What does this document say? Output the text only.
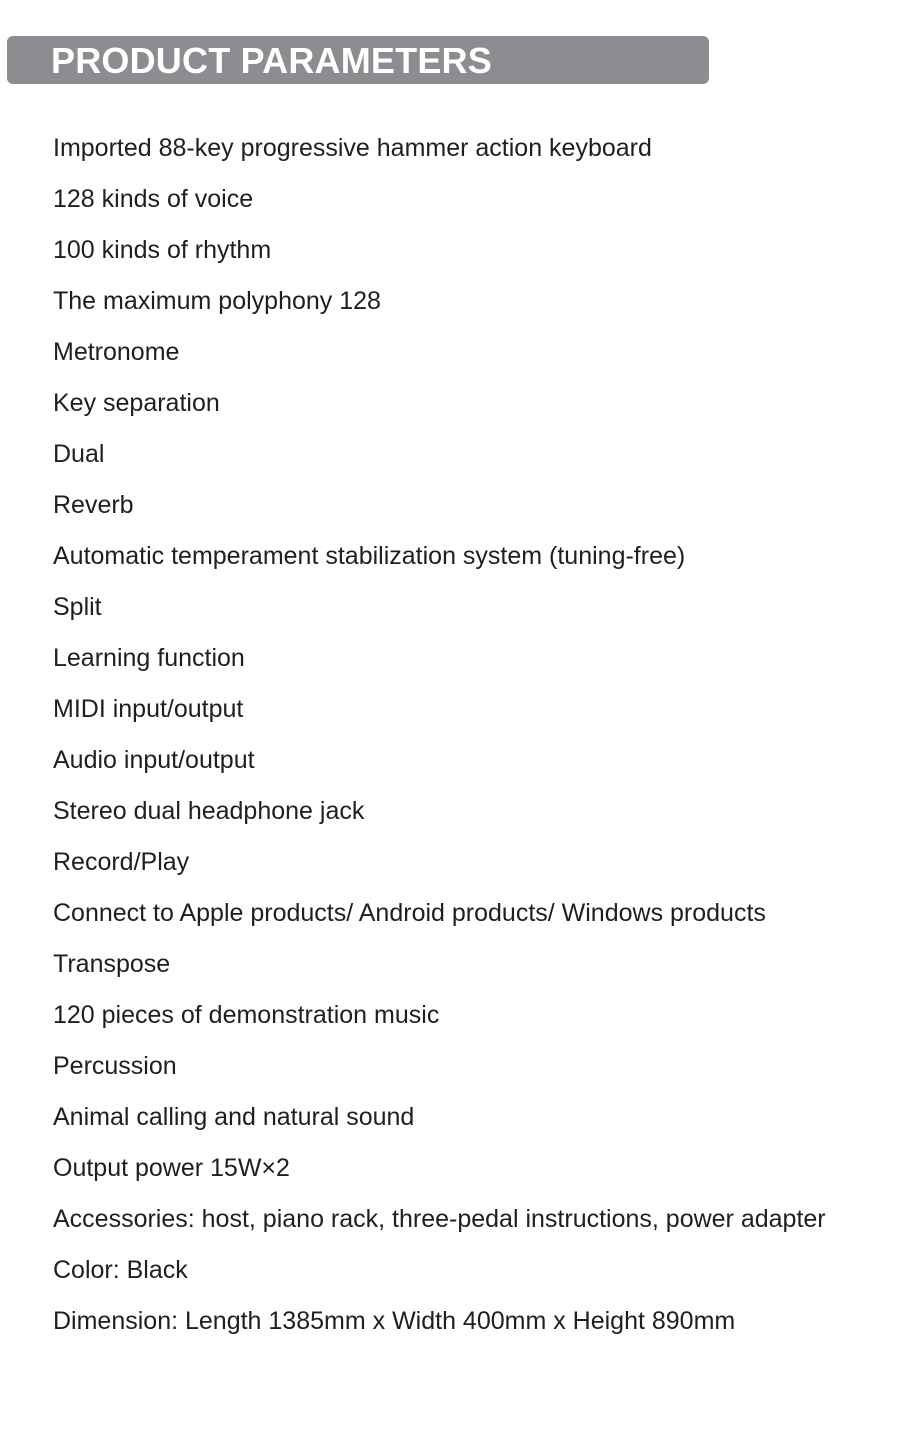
PRODUCT PARAMETERS
Imported 88-key progressive hammer action keyboard
128 kinds of voice
100 kinds of rhythm
The maximum polyphony 128
Metronome
Key separation
Dual
Reverb
Automatic temperament stabilization system (tuning-free)
Split
Learning function
MIDI input/output
Audio input/output
Stereo dual headphone jack
Record/Play
Connect to Apple products/ Android products/ Windows products
Transpose
120 pieces of demonstration music
Percussion
Animal calling and natural sound
Output power 15W×2
Accessories: host, piano rack, three-pedal instructions, power adapter
Color: Black
Dimension: Length 1385mm x Width 400mm x Height 890mm
